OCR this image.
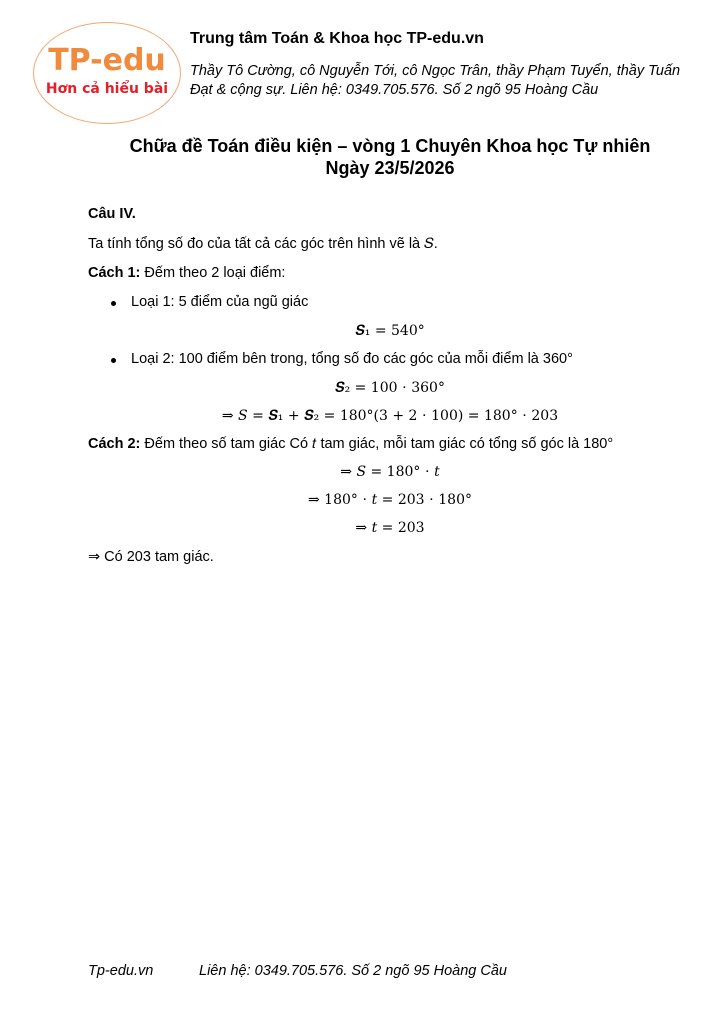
TP-edu
Hơn cả hiểu bài
Trung tâm Toán & Khoa học TP-edu.vn
Thầy Tô Cường, cô Nguyễn Tới, cô Ngọc Trân, thầy Phạm Tuyển, thầy Tuấn
Đạt & cộng sự. Liên hệ: 0349.705.576. Số 2 ngõ 95 Hoàng Cầu
Chữa đề Toán điều kiện – vòng 1 Chuyên Khoa học Tự nhiên
Ngày 23/5/2026
Câu IV.
Ta tính tổng số đo của tất cả các góc trên hình vẽ là 𝑆.
Cách 1: Đếm theo 2 loại điểm:
Loại 1: 5 điểm của ngũ giác
𝑺₁ = 540°
Loại 2: 100 điểm bên trong, tổng số đo các góc của mỗi điểm là 360°
𝑺₂ = 100 ⋅ 360°
⇒ 𝑆 = 𝑺₁ + 𝑺₂ = 180°(3 + 2 ⋅ 100) = 180° ⋅ 203
Cách 2: Đếm theo số tam giác Có 𝑡 tam giác, mỗi tam giác có tổng số góc là 180°
⇒ 𝑆 = 180° ⋅ 𝑡
⇒ 180° ⋅ 𝑡 = 203 ⋅ 180°
⇒ 𝑡 = 203
⇒ Có 203 tam giác.
Tp-edu.vn	Liên hệ: 0349.705.576. Số 2 ngõ 95 Hoàng Cầu
